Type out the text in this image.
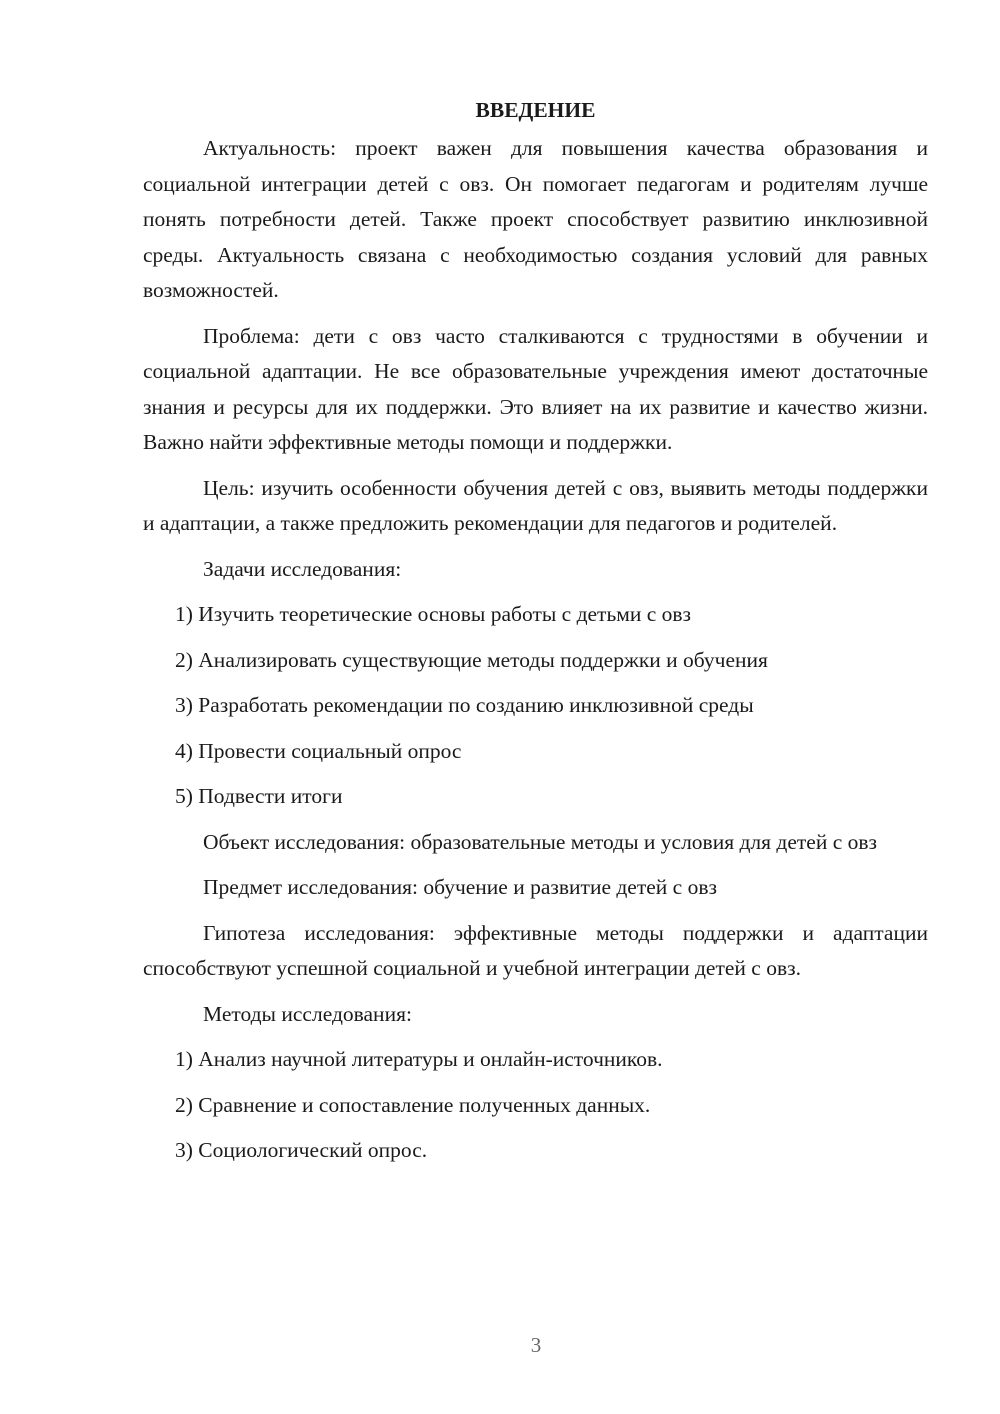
ВВЕДЕНИЕ

Актуальность: проект важен для повышения качества образования и социальной интеграции детей с овз. Он помогает педагогам и родителям лучше понять потребности детей. Также проект способствует развитию инклюзивной среды. Актуальность связана с необходимостью создания условий для равных возможностей.

Проблема: дети с овз часто сталкиваются с трудностями в обучении и социальной адаптации. Не все образовательные учреждения имеют достаточные знания и ресурсы для их поддержки. Это влияет на их развитие и качество жизни. Важно найти эффективные методы помощи и поддержки.

Цель: изучить особенности обучения детей с овз, выявить методы поддержки и адаптации, а также предложить рекомендации для педагогов и родителей.

Задачи исследования:
1) Изучить теоретические основы работы с детьми с овз
2) Анализировать существующие методы поддержки и обучения
3) Разработать рекомендации по созданию инклюзивной среды
4) Провести социальный опрос
5) Подвести итоги

Объект исследования: образовательные методы и условия для детей с овз

Предмет исследования: обучение и развитие детей с овз

Гипотеза исследования: эффективные методы поддержки и адаптации способствуют успешной социальной и учебной интеграции детей с овз.

Методы исследования:
1) Анализ научной литературы и онлайн-источников.
2) Сравнение и сопоставление полученных данных.
3) Социологический опрос.
3
